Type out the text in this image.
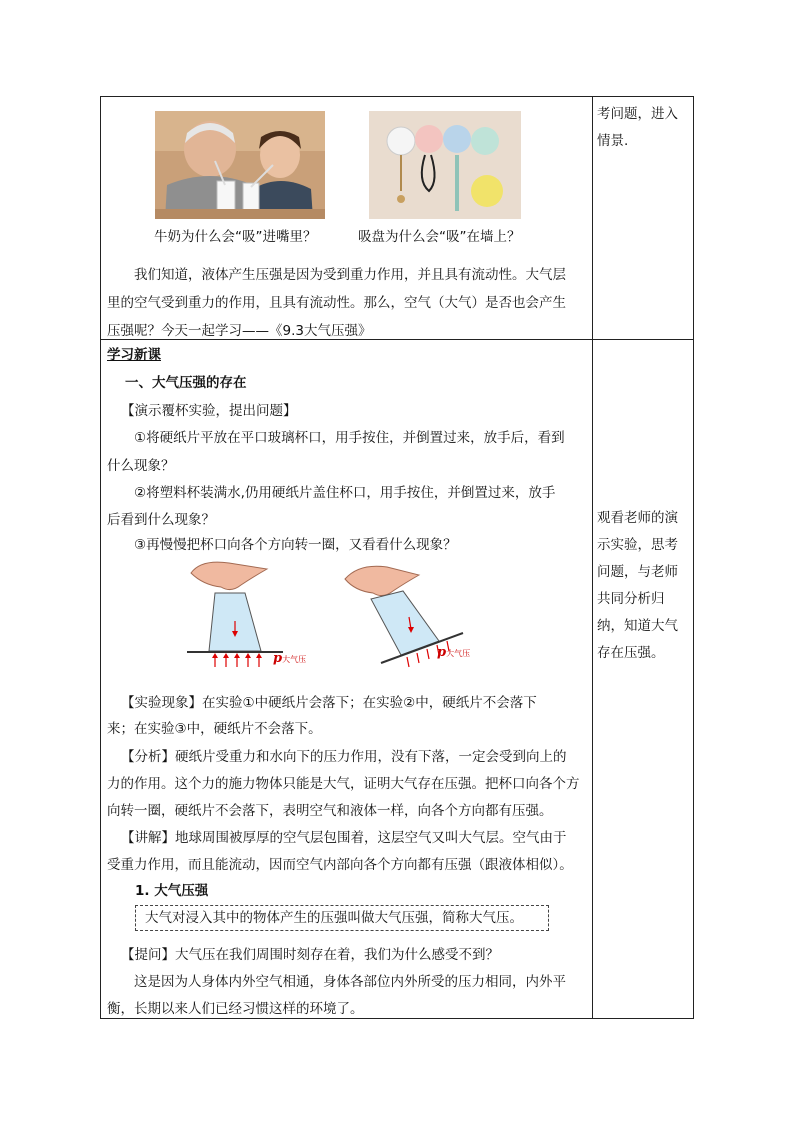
牛奶为什么会“吸”进嘴里？	吸盘为什么会“吸”在墙上？
我们知道，液体产生压强是因为受到重力作用，并且具有流动性。大气层
里的空气受到重力的作用，且具有流动性。那么，空气（大气）是否也会产生
压强呢？今天一起学习——《9.3大气压强》
考问题，进入
情景.
学习新课
一、大气压强的存在
【演示覆杯实验，提出问题】
①将硬纸片平放在平口玻璃杯口，用手按住，并倒置过来，放手后，看到
什么现象？
②将塑料杯装满水,仍用硬纸片盖住杯口，用手按住，并倒置过来，放手
后看到什么现象？
③再慢慢把杯口向各个方向转一圈，又看看什么现象？
p大气压	p大气压
【实验现象】在实验①中硬纸片会落下；在实验②中，硬纸片不会落下
来；在实验③中，硬纸片不会落下。
【分析】硬纸片受重力和水向下的压力作用，没有下落，一定会受到向上的
力的作用。这个力的施力物体只能是大气，证明大气存在压强。把杯口向各个方
向转一圈，硬纸片不会落下，表明空气和液体一样，向各个方向都有压强。
【讲解】地球周围被厚厚的空气层包围着，这层空气又叫大气层。空气由于
受重力作用，而且能流动，因而空气内部向各个方向都有压强（跟液体相似）。
1. 大气压强
大气对浸入其中的物体产生的压强叫做大气压强，简称大气压。
【提问】大气压在我们周围时刻存在着，我们为什么感受不到？
这是因为人身体内外空气相通，身体各部位内外所受的压力相同，内外平
衡，长期以来人们已经习惯这样的环境了。
观看老师的演
示实验，思考
问题，与老师
共同分析归
纳，知道大气
存在压强。
